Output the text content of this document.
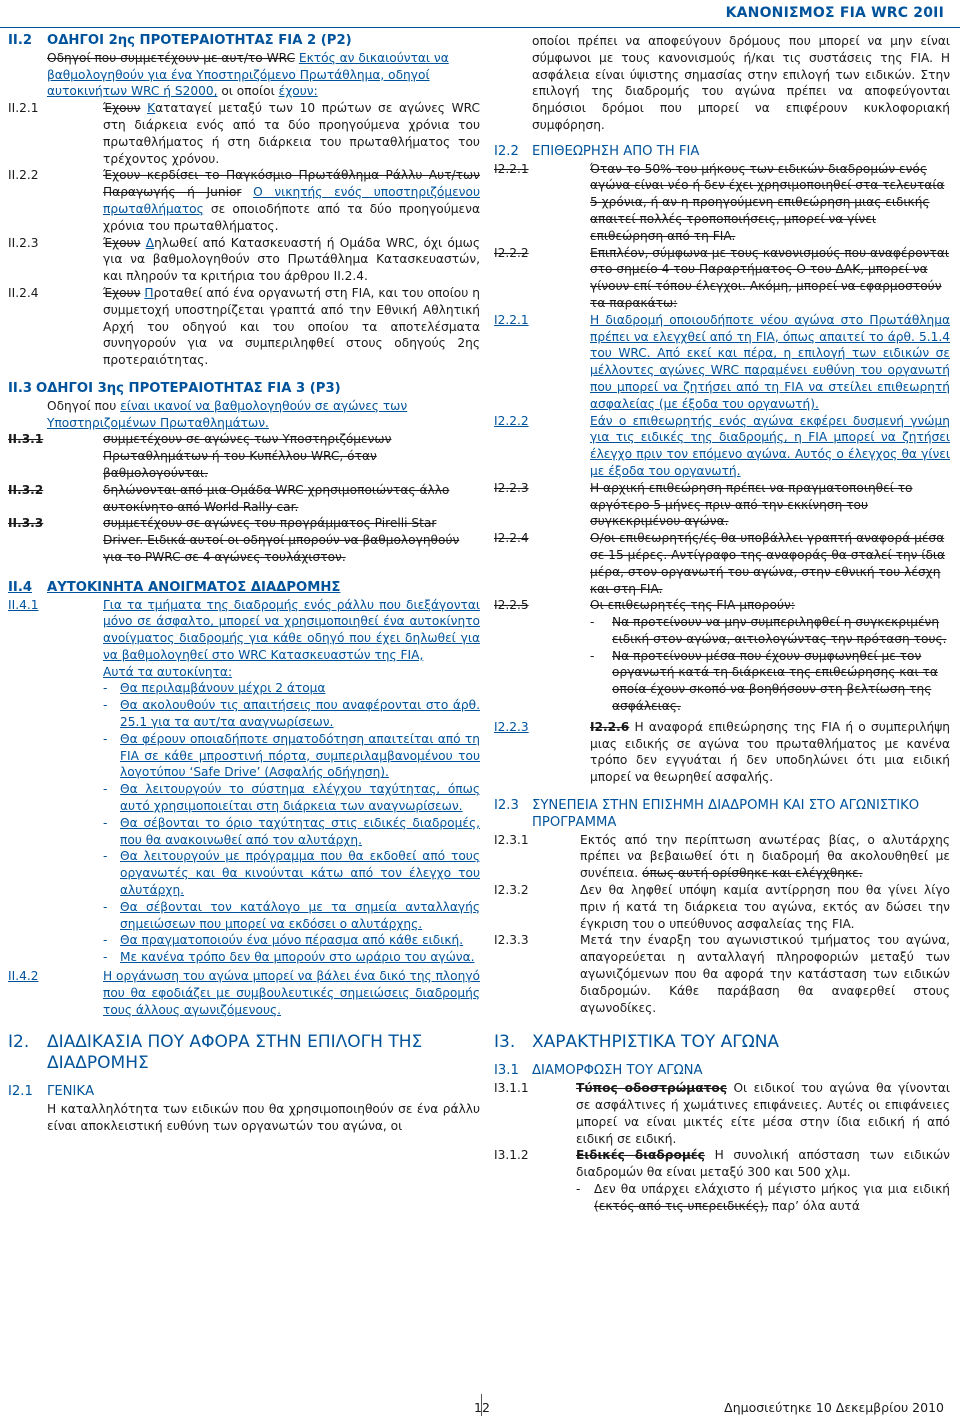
ΚΑΝΟΝΙΣΜΟΣ FIA WRC 20ΙΙ
II.2	ΟΔΗΓΟΙ 2ης ΠΡΟΤΕΡΑΙΟΤΗΤΑΣ FIA 2 (P2)
Οδηγοί που συμμετέχουν με αυτ/το WRC Εκτός αν δικαιούνται να βαθμολογηθούν για ένα Υποστηριζόμενο Πρωτάθλημα, οδηγοί αυτοκινήτων WRC ή S2000, οι οποίοι έχουν:
II.2.1	Έχουν Καταταγεί μεταξύ των 10 πρώτων σε αγώνες WRC στη διάρκεια ενός από τα δύο προηγούμενα χρόνια του πρωταθλήματος ή στη διάρκεια του πρωταθλήματος του τρέχοντος χρόνου.
II.2.2	Έχουν κερδίσει το Παγκόσμιο Πρωτάθλημα Ράλλυ Αυτ/των Παραγωγής ή Junior Ο νικητής ενός υποστηριζόμενου πρωταθλήματος σε οποιοδήποτε από τα δύο προηγούμενα χρόνια του πρωταθλήματος.
II.2.3	Έχουν Δηλωθεί από Κατασκευαστή ή Ομάδα WRC, όχι όμως για να βαθμολογηθούν στο Πρωτάθλημα Κατασκευαστών, και πληρούν τα κριτήρια του άρθρου II.2.4.
II.2.4	Έχουν Προταθεί από ένα οργανωτή στη FIA, και του οποίου η συμμετοχή υποστηρίζεται γραπτά από την Εθνική Αθλητική Αρχή του οδηγού και του οποίου τα αποτελέσματα συνηγορούν για να συμπεριληφθεί στους οδηγούς 2ης προτεραιότητας.
II.3 ΟΔΗΓΟΙ 3ης ΠΡΟΤΕΡΑΙΟΤΗΤΑΣ FIA 3 (P3)
Οδηγοί που είναι ικανοί να βαθμολογηθούν σε αγώνες των Υποστηριζομένων Πρωταθλημάτων.
II.3.1	συμμετέχουν σε αγώνες των Υποστηριζόμενων Πρωταθλημάτων ή του Κυπέλλου WRC, όταν βαθμολογούνται.
II.3.2	δηλώνονται από μια Ομάδα WRC χρησιμοποιώντας άλλο αυτοκίνητο από World Rally car.
II.3.3	συμμετέχουν σε αγώνες του προγράμματος Pirelli Star Driver. Ειδικά αυτοί οι οδηγοί μπορούν να βαθμολογηθούν για το PWRC σε 4 αγώνες τουλάχιστον.
II.4	ΑΥΤΟΚΙΝΗΤΑ ΑΝΟΙΓΜΑΤΟΣ ΔΙΑΔΡΟΜΗΣ
II.4.1	Για τα τμήματα της διαδρομής ενός ράλλυ που διεξάγονται μόνο σε άσφαλτο, μπορεί να χρησιμοποιηθεί ένα αυτοκίνητο ανοίγματος διαδρομής για κάθε οδηγό που έχει δηλωθεί για να βαθμολογηθεί στο WRC Κατασκευαστών της FIA,
Αυτά τα αυτοκίνητα:
- Θα περιλαμβάνουν μέχρι 2 άτομα
- Θα ακολουθούν τις απαιτήσεις που αναφέρονται στο άρθ. 25.1 για τα αυτ/τα αναγνωρίσεων.
- Θα φέρουν οποιαδήποτε σηματοδότηση απαιτείται από τη FIA σε κάθε μπροστινή πόρτα, συμπεριλαμβανομένου του λογοτύπου ‘Safe Drive’ (Ασφαλής οδήγηση).
- Θα λειτουργούν το σύστημα ελέγχου ταχύτητας, όπως αυτό χρησιμοποιείται στη διάρκεια των αναγνωρίσεων.
- Θα σέβονται το όριο ταχύτητας στις ειδικές διαδρομές, που θα ανακοινωθεί από τον αλυτάρχη.
- Θα λειτουργούν με πρόγραμμα που θα εκδοθεί από τους οργανωτές και θα κινούνται κάτω από τον έλεγχο του αλυτάρχη.
- Θα σέβονται τον κατάλογο με τα σημεία ανταλλαγής σημειώσεων που μπορεί να εκδόσει ο αλυτάρχης.
- Θα πραγματοποιούν ένα μόνο πέρασμα από κάθε ειδική.
- Με κανένα τρόπο δεν θα μπορούν στο ωράριο του αγώνα.
II.4.2	Η οργάνωση του αγώνα μπορεί να βάλει ένα δικό της πλοηγό που θα εφοδιάζει με συμβουλευτικές σημειώσεις διαδρομής τους άλλους αγωνιζόμενους.
I2.	ΔΙΑΔΙΚΑΣΙΑ ΠΟΥ ΑΦΟΡΑ ΣΤΗΝ ΕΠΙΛΟΓΗ ΤΗΣ ΔΙΑΔΡΟΜΗΣ
I2.1	ΓΕΝΙΚΑ
Η καταλληλότητα των ειδικών που θα χρησιμοποιηθούν σε ένα ράλλυ είναι αποκλειστική ευθύνη των οργανωτών του αγώνα, οι
οποίοι πρέπει να αποφεύγουν δρόμους που μπορεί να μην είναι σύμφωνοι με τους κανονισμούς ή/και τις συστάσεις της FIA. Η ασφάλεια είναι ύψιστης σημασίας στην επιλογή των ειδικών. Στην επιλογή της διαδρομής του αγώνα πρέπει να αποφεύγονται δημόσιοι δρόμοι που μπορεί να επιφέρουν κυκλοφοριακή συμφόρηση.
I2.2 ΕΠΙΘΕΩΡΗΣΗ ΑΠΟ ΤΗ FIA
I2.2.1	Όταν το 50% του μήκους των ειδικών διαδρομών ενός αγώνα είναι νέο ή δεν έχει χρησιμοποιηθεί στα τελευταία 5 χρόνια, ή αν η προηγούμενη επιθεώρηση μιας ειδικής απαιτεί πολλές τροποποιήσεις, μπορεί να γίνει επιθεώρηση από τη FIA.
I2.2.2	Επιπλέον, σύμφωνα με τους κανονισμούς που αναφέρονται στο σημείο 4 του Παραρτήματος Ο του ΔΑΚ, μπορεί να γίνουν επί τόπου έλεγχοι. Ακόμη, μπορεί να εφαρμοστούν τα παρακάτω:
I2.2.1	Η διαδρομή οποιουδήποτε νέου αγώνα στο Πρωτάθλημα πρέπει να ελεγχθεί από τη FIA, όπως απαιτεί το άρθ. 5.1.4 του WRC. Από εκεί και πέρα, η επιλογή των ειδικών σε μέλλοντες αγώνες WRC παραμένει ευθύνη του οργανωτή που μπορεί να ζητήσει από τη FIA να στείλει επιθεωρητή ασφαλείας (με έξοδα του οργανωτή).
I2.2.2	Εάν ο επιθεωρητής ενός αγώνα εκφέρει δυσμενή γνώμη για τις ειδικές της διαδρομής, η FIA μπορεί να ζητήσει έλεγχο πριν τον επόμενο αγώνα. Αυτός ο έλεγχος θα γίνει με έξοδα του οργανωτή.
I2.2.3	Η αρχική επιθεώρηση πρέπει να πραγματοποιηθεί το αργότερο 5 μήνες πριν από την εκκίνηση του συγκεκριμένου αγώνα.
I2.2.4	Ο/οι επιθεωρητής/ές θα υποβάλλει γραπτή αναφορά μέσα σε 15 μέρες. Αντίγραφο της αναφοράς θα σταλεί την ίδια μέρα, στον οργανωτή του αγώνα, στην εθνική του λέσχη και στη FIA.
I2.2.5	Οι επιθεωρητές της FIA μπορούν:
- Να προτείνουν να μην συμπεριληφθεί η συγκεκριμένη ειδική στον αγώνα, αιτιολογώντας την πρόταση τους.
- Να προτείνουν μέσα που έχουν συμφωνηθεί με τον οργανωτή κατά τη διάρκεια της επιθεώρησης και τα οποία έχουν σκοπό να βοηθήσουν στη βελτίωση της ασφάλειας.
I2.2.3	I2.2.6 Η αναφορά επιθεώρησης της FIA ή ο συμπεριλήψη μιας ειδικής σε αγώνα του πρωταθλήματος με κανένα τρόπο δεν εγγυάται ή δεν υποδηλώνει ότι μια ειδική μπορεί να θεωρηθεί ασφαλής.
I2.3 ΣΥΝΕΠΕΙΑ ΣΤΗΝ ΕΠΙΣΗΜΗ ΔΙΑΔΡΟΜΗ ΚΑΙ ΣΤΟ ΑΓΩΝΙΣΤΙΚΟ ΠΡΟΓΡΑΜΜΑ
I2.3.1	Εκτός από την περίπτωση ανωτέρας βίας, ο αλυτάρχης πρέπει να βεβαιωθεί ότι η διαδρομή θα ακολουθηθεί με συνέπεια. όπως αυτή ορίσθηκε και ελέγχθηκε.
I2.3.2	Δεν θα ληφθεί υπόψη καμία αντίρρηση που θα γίνει λίγο πριν ή κατά τη διάρκεια του αγώνα, εκτός αν δώσει την έγκριση του ο υπεύθυνος ασφαλείας της FIA.
I2.3.3	Μετά την έναρξη του αγωνιστικού τμήματος του αγώνα, απαγορεύεται η ανταλλαγή πληροφοριών μεταξύ των αγωνιζόμενων που θα αφορά την κατάσταση των ειδικών διαδρομών. Κάθε παράβαση θα αναφερθεί στους αγωνοδίκες.
I3. ΧΑΡΑΚΤΗΡΙΣΤΙΚΑ ΤΟΥ ΑΓΩΝΑ
I3.1 ΔΙΑΜΟΡΦΩΣΗ ΤΟΥ ΑΓΩΝΑ
I3.1.1	Τύπος οδοστρώματος Οι ειδικοί του αγώνα θα γίνονται σε ασφάλτινες ή χωμάτινες επιφάνειες. Αυτές οι επιφάνειες μπορεί να είναι μικτές είτε μέσα στην ίδια ειδική ή από ειδική σε ειδική.
I3.1.2	Ειδικές διαδρομές Η συνολική απόσταση των ειδικών διαδρομών θα είναι μεταξύ 300 και 500 χλμ.
- Δεν θα υπάρχει ελάχιστο ή μέγιστο μήκος για μια ειδική (εκτός από τις υπερειδικές), παρ’ όλα αυτά
12	Δημοσιεύτηκε 10 Δεκεμβρίου 2010
